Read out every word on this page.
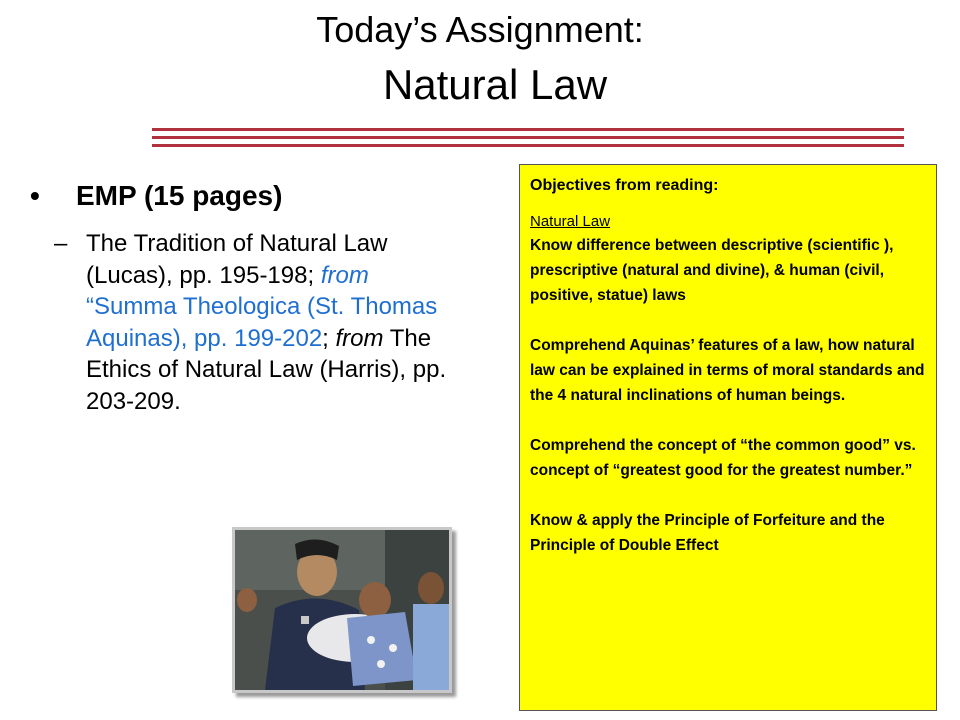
Today’s Assignment:
Natural Law
• EMP (15 pages)
– The Tradition of Natural Law (Lucas), pp. 195-198; from “Summa Theologica (St. Thomas Aquinas), pp. 199-202; from The Ethics of Natural Law (Harris), pp. 203-209.
Objectives from reading:
Natural Law

Know difference between descriptive (scientific ), prescriptive (natural and divine), & human (civil, positive, statue) laws

Comprehend Aquinas’ features of a law, how natural law can be explained in terms of moral standards and the 4 natural inclinations of human beings.

Comprehend the concept of “the common good” vs. concept of “greatest good for the greatest number.”

Know & apply the Principle of Forfeiture and the Principle of Double Effect
